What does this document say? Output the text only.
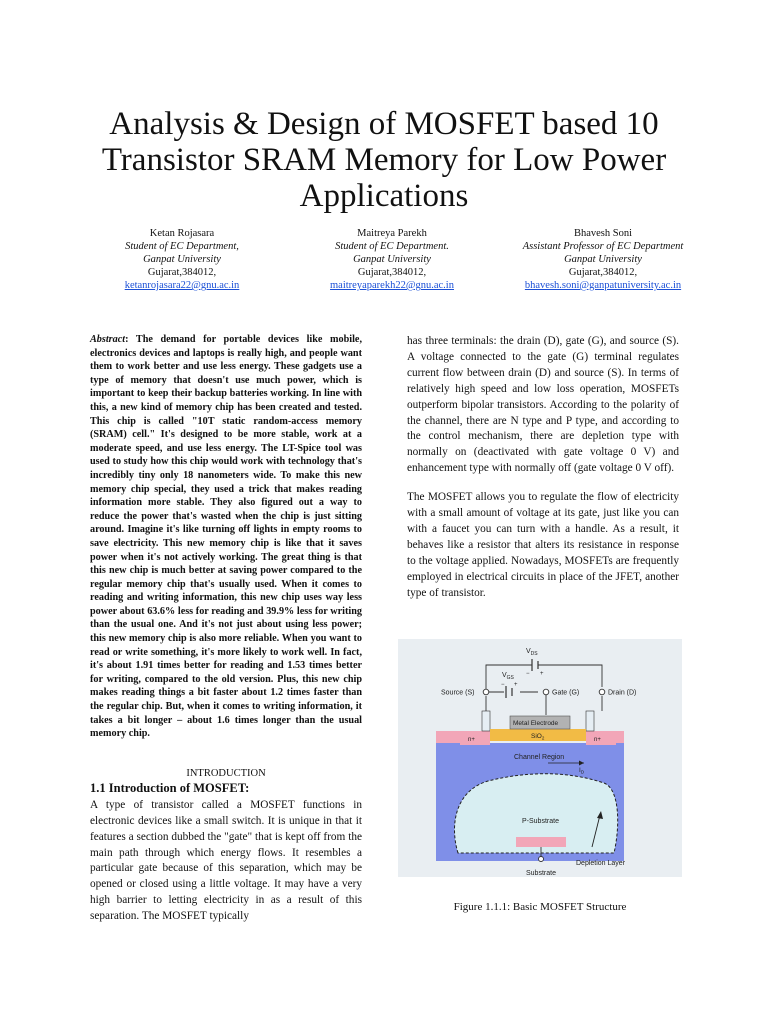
Analysis & Design of MOSFET based 10 Transistor SRAM Memory for Low Power Applications
Ketan Rojasara
Student of EC Department,
Ganpat University
Gujarat,384012,
ketanrojasara22@gnu.ac.in
Maitreya Parekh
Student of EC Department.
Ganpat University
Gujarat,384012,
maitreyaparekh22@gnu.ac.in
Bhavesh Soni
Assistant Professor of EC Department
Ganpat University
Gujarat,384012,
bhavesh.soni@ganpatuniversity.ac.in

Abstract: The demand for portable devices like mobile, electronics devices and laptops is really high, and people want them to work better and use less energy. These gadgets use a type of memory that doesn't use much power, which is important to keep their backup batteries working. In line with this, a new kind of memory chip has been created and tested. This chip is called "10T static random-access memory (SRAM) cell." It's designed to be more stable, work at a moderate speed, and use less energy. The LT-Spice tool was used to study how this chip would work with technology that's incredibly tiny only 18 nanometers wide. To make this new memory chip special, they used a trick that makes reading information more stable. They also figured out a way to reduce the power that's wasted when the chip is just sitting around. Imagine it's like turning off lights in empty rooms to save electricity. This new memory chip is like that it saves power when it's not actively working. The great thing is that this new chip is much better at saving power compared to the regular memory chip that's usually used. When it comes to reading and writing information, this new chip uses way less power about 63.6% less for reading and 39.9% less for writing than the usual one. And it's not just about using less power; this new memory chip is also more reliable. When you want to read or write something, it's more likely to work well. In fact, it's about 1.91 times better for reading and 1.53 times better for writing, compared to the old version. Plus, this new chip makes reading things a bit faster about 1.2 times faster than the regular chip. But, when it comes to writing information, it takes a bit longer – about 1.6 times longer than the usual memory chip.

INTRODUCTION
1.1 Introduction of MOSFET:

A type of transistor called a MOSFET functions in electronic devices like a small switch. It is unique in that it features a section dubbed the "gate" that is kept off from the main path through which energy flows. It resembles a particular gate because of this separation, which may be opened or closed using a little voltage. It may have a very high barrier to letting electricity in as a result of this separation. The MOSFET typically

has three terminals: the drain (D), gate (G), and source (S). A voltage connected to the gate (G) terminal regulates current flow between drain (D) and source (S). In terms of relatively high speed and low loss operation, MOSFETs outperform bipolar transistors. According to the polarity of the channel, there are N type and P type, and according to the control mechanism, there are depletion type with normally on (deactivated with gate voltage 0 V) and enhancement type with normally off (gate voltage 0 V off).

The MOSFET allows you to regulate the flow of electricity with a small amount of voltage at its gate, just like you can with a faucet you can turn with a handle. As a result, it behaves like a resistor that alters its resistance in response to the voltage applied. Nowadays, MOSFETs are frequently employed in electrical circuits in place of the JFET, another type of transistor.

$V_{DS}$
$V_{GS}$
− +
− +
Source (S)	Gate (G)	Drain (D)
Metal Electrode
SiO$_2$
n+	n+
Channel Region
$I_D$
P-Substrate
Depletion Layer
Substrate
Figure 1.1.1: Basic MOSFET Structure
